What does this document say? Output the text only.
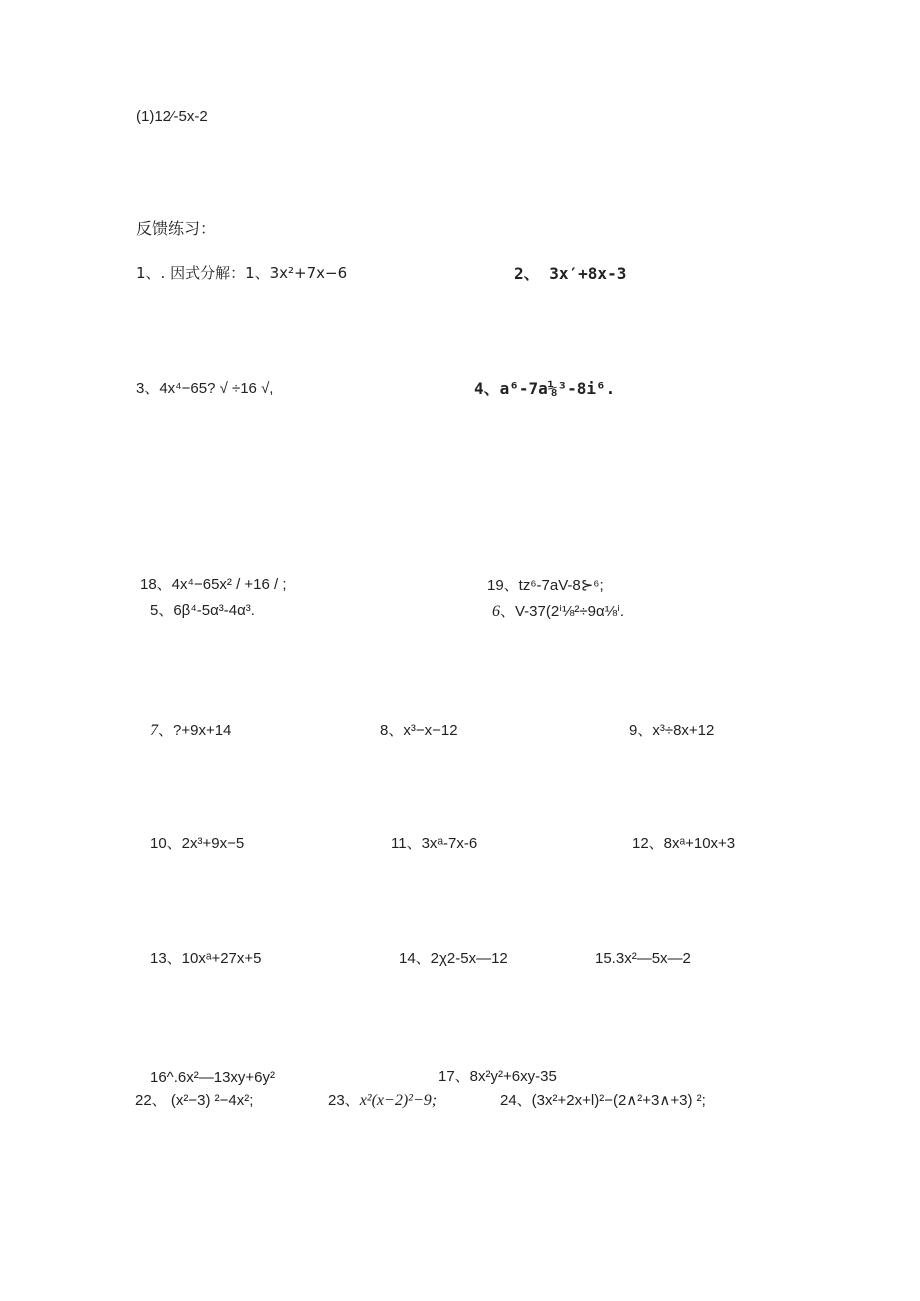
(1)12⁄-5x-2
反馈练习：
1、. 因式分解：1、3x²+7x−6	2、 3x′+8x-3
3、4x⁴−65? √ ÷16 √,	4、a⁶-7a⅛³-8i⁶.
18、4x⁴−65x² / +16 / ;	19、tz⁶-7aV-8⊱⁶;
5、6β⁴-5α³-4α³.	6、V-37(2ⁱ⅛²÷9α⅛ⁱ.
7、?+9x+14	8、x³−x−12	9、x³÷8x+12
10、2x³+9x−5	11、3xᵃ-7x-6	12、8xᵃ+10x+3
13、10xᵃ+27x+5	14、2χ2-5x—12	15.3x²—5x—2
16^.6x²—13xy+6y²	17、8x²y²+6xy-35
22、 (x²−3) ²−4x²;	23、x²(x−2)²−9;	24、(3x²+2x+l)²−(2∧²+3∧+3) ²;
